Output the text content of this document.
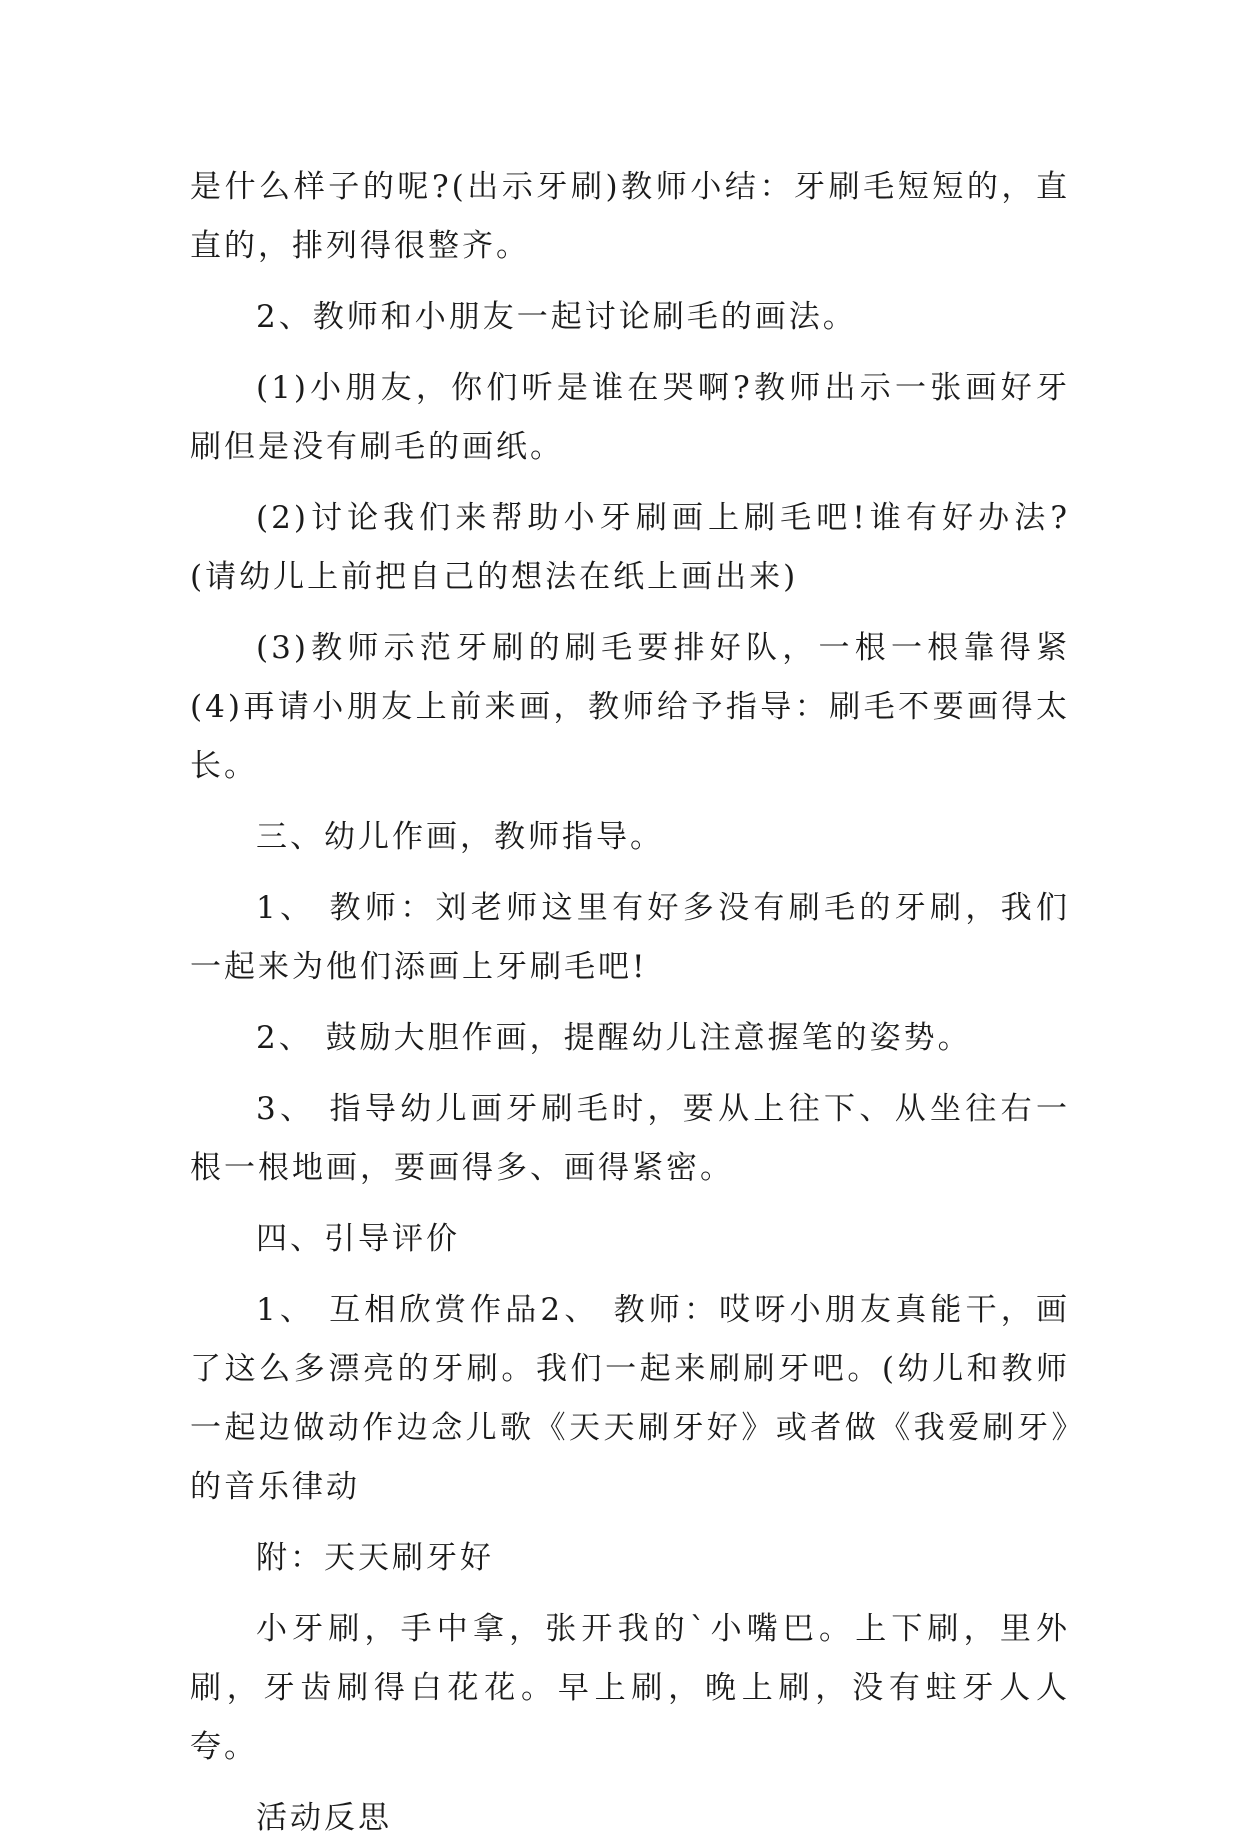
是什么样子的呢?(出示牙刷)教师小结：牙刷毛短短的，直直的，排列得很整齐。

2、教师和小朋友一起讨论刷毛的画法。

(1)小朋友，你们听是谁在哭啊?教师出示一张画好牙刷但是没有刷毛的画纸。

(2)讨论我们来帮助小牙刷画上刷毛吧!谁有好办法?(请幼儿上前把自己的想法在纸上画出来)

(3)教师示范牙刷的刷毛要排好队，一根一根靠得紧(4)再请小朋友上前来画，教师给予指导：刷毛不要画得太长。

三、幼儿作画，教师指导。

1、 教师：刘老师这里有好多没有刷毛的牙刷，我们一起来为他们添画上牙刷毛吧!

2、 鼓励大胆作画，提醒幼儿注意握笔的姿势。

3、 指导幼儿画牙刷毛时，要从上往下、从坐往右一根一根地画，要画得多、画得紧密。

四、引导评价

1、 互相欣赏作品2、 教师：哎呀小朋友真能干，画了这么多漂亮的牙刷。我们一起来刷刷牙吧。(幼儿和教师一起边做动作边念儿歌《天天刷牙好》或者做《我爱刷牙》的音乐律动

附：天天刷牙好

小牙刷，手中拿，张开我的`小嘴巴。上下刷，里外刷，牙齿刷得白花花。早上刷，晚上刷，没有蛀牙人人夸。

活动反思
